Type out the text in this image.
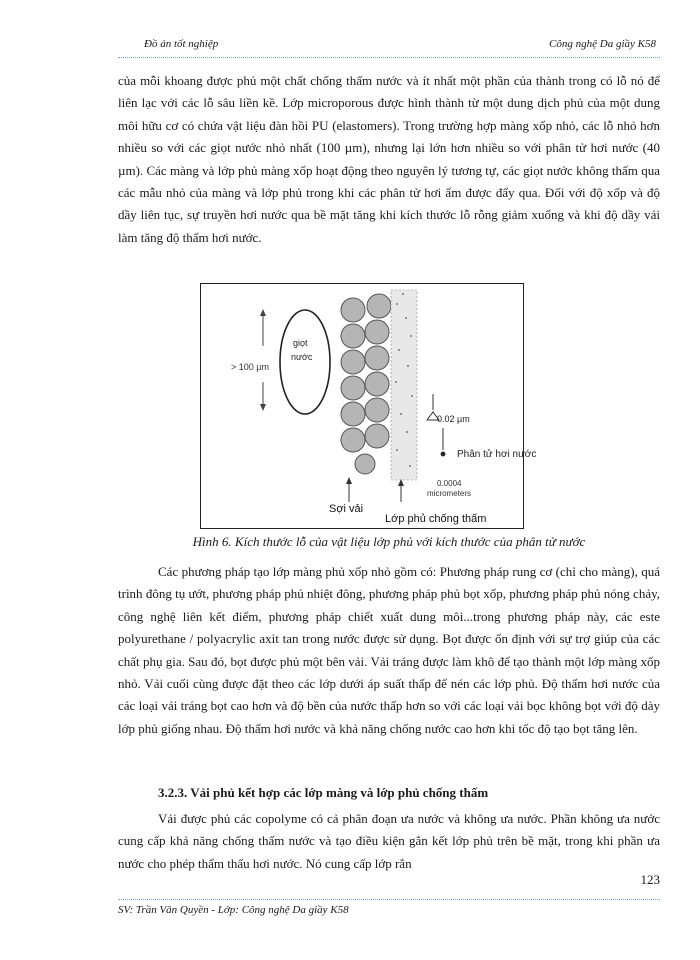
Đồ án tốt nghiệp	Công nghệ Da giầy K58

của mỗi khoang được phủ một chất chống thấm nước và ít nhất một phần của thành trong có lỗ nó để liên lạc với các lỗ sâu liền kề. Lớp microporous được hình thành từ một dung dịch phủ của một dung môi hữu cơ có chứa vật liệu đàn hồi PU (elastomers). Trong trường hợp màng xốp nhỏ, các lỗ nhỏ hơn nhiều so với các giọt nước nhỏ nhất (100 µm), nhưng lại lớn hơn nhiều so với phân tử hơi nước (40 µm). Các màng và lớp phủ màng xốp hoạt động theo nguyên lý tương tự, các giọt nước không thấm qua các mẫu nhỏ của màng và lớp phủ trong khi các phân tử hơi ẩm được đẩy qua. Đối với độ xốp và độ dầy liên tục, sự truyền hơi nước qua bề mặt tăng khi kích thước lỗ rỗng giảm xuống và khi độ dầy vải làm tăng độ thấm hơi nước.

> 100 µm
giọt
nước
0.02 µm
Phân tử hơi nước
0.0004
micrometers
Sợi vải
Lớp phủ chống thấm

Hình 6. Kích thước lỗ của vật liệu lớp phủ với kích thước của phân tử nước

Các phương pháp tạo lớp màng phủ xốp nhỏ gồm có: Phương pháp rung cơ (chỉ cho màng), quá trình đông tụ ướt, phương pháp phủ nhiệt đông, phương pháp phủ bọt xốp, phương pháp phủ nóng chảy, công nghệ liên kết điểm, phương pháp chiết xuất dung môi...trong phương pháp này, các este polyurethane / polyacrylic axit tan trong nước được sử dụng. Bọt được ổn định với sự trợ giúp của các chất phụ gia. Sau đó, bọt được phủ một bên vải. Vải tráng được làm khô để tạo thành một lớp màng xốp nhỏ. Vải cuối cùng được đặt theo các lớp dưới áp suất thấp để nén các lớp phủ. Độ thấm hơi nước của các loại vải tráng bọt cao hơn và độ bền của nước thấp hơn so với các loại vải bọc không bọt với độ dày lớp phủ giống nhau. Độ thấm hơi nước và khả năng chống nước cao hơn khi tốc độ tạo bọt tăng lên.

3.2.3. Vải phủ kết hợp các lớp màng và lớp phủ chống thấm

Vải được phủ các copolyme có cả phân đoạn ưa nước và không ưa nước. Phần không ưa nước cung cấp khả năng chống thấm nước và tạo điều kiện gắn kết lớp phủ trên bề mặt, trong khi phần ưa nước cho phép thẩm thấu hơi nước. Nó cung cấp lớp rắn

123
SV: Trần Văn Quyền - Lớp: Công nghệ Da giầy K58
